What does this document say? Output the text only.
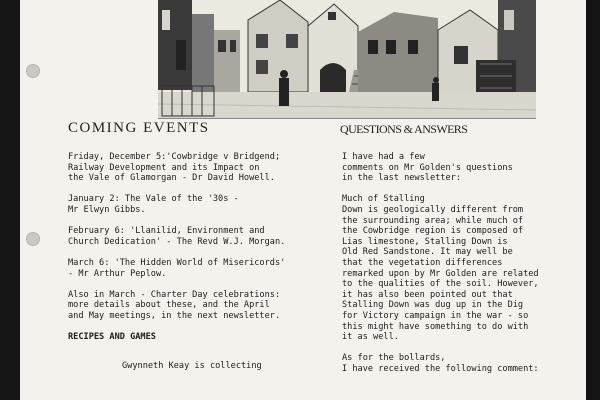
COMING EVENTS	QUESTIONS & ANSWERS
Friday, December 5:'Cowbridge v Bridgend;
Railway Development and its Impact on
the Vale of Glamorgan - Dr David Howell.
January 2: The Vale of the '30s -
Mr Elwyn Gibbs.
February 6: 'Llanilid, Environment and
Church Dedication' - The Revd W.J. Morgan.
March 6: 'The Hidden World of Misericords'
- Mr Arthur Peplow.
Also in March - Charter Day celebrations:
more details about these, and the April
and May meetings, in the next newsletter.
RECIPES AND GAMES
Gwynneth Keay is collecting
I have had a few
comments on Mr Golden's questions
in the last newsletter:
Much of Stalling
Down is geologically different from
the surrounding area; while much of
the Cowbridge region is composed of
Lias limestone, Stalling Down is
Old Red Sandstone. It may well be
that the vegetation differences
remarked upon by Mr Golden are related
to the qualities of the soil. However,
it has also been pointed out that
Stalling Down was dug up in the Dig
for Victory campaign in the war - so
this might have something to do with
it as well.
As for the bollards,
I have received the following comment:
